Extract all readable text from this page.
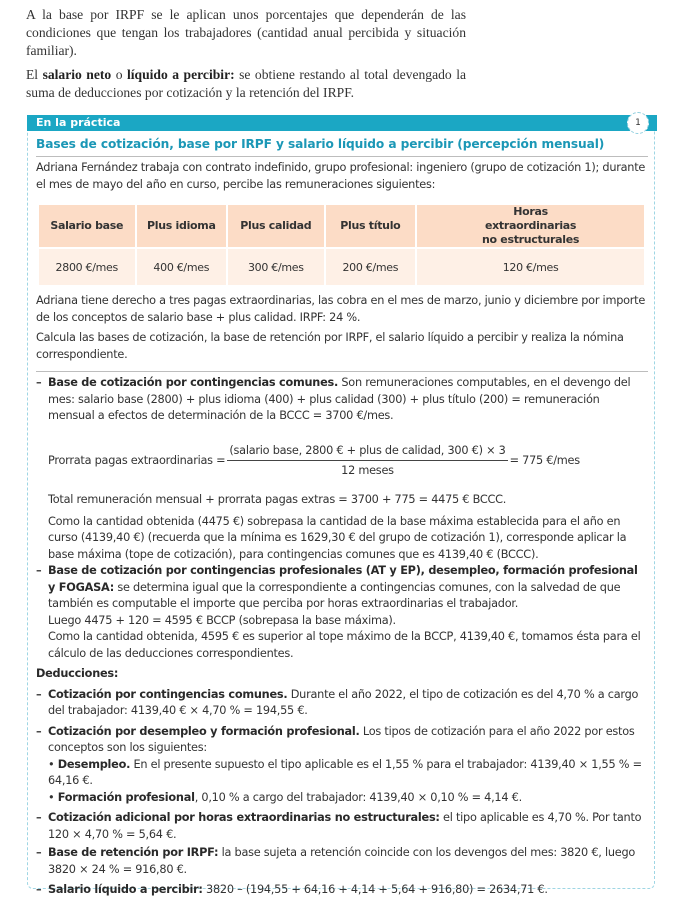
A la base por IRPF se le aplican unos porcentajes que dependerán de las condiciones que tengan los trabajadores (cantidad anual percibida y situación familiar).

El salario neto o líquido a percibir: se obtiene restando al total devengado la suma de deducciones por cotización y la retención del IRPF.

En la práctica	1
Bases de cotización, base por IRPF y salario líquido a percibir (percepción mensual)

Adriana Fernández trabaja con contrato indefinido, grupo profesional: ingeniero (grupo de cotización 1); durante el mes de mayo del año en curso, percibe las remuneraciones siguientes:

Salario base	Plus idioma	Plus calidad	Plus título	Horas extraordinarias no estructurales
2800 €/mes	400 €/mes	300 €/mes	200 €/mes	120 €/mes

Adriana tiene derecho a tres pagas extraordinarias, las cobra en el mes de marzo, junio y diciembre por importe de los conceptos de salario base + plus calidad. IRPF: 24 %.

Calcula las bases de cotización, la base de retención por IRPF, el salario líquido a percibir y realiza la nómina correspondiente.

– Base de cotización por contingencias comunes. Son remuneraciones computables, en el devengo del mes: salario base (2800) + plus idioma (400) + plus calidad (300) + plus título (200) = remuneración mensual a efectos de determinación de la BCCC = 3700 €/mes.

Prorrata pagas extraordinarias = $\frac{\text{(salario base, 2800 € + plus de calidad, 300 €) × 3}}{\text{12 meses}} = 775$ €/mes

Total remuneración mensual + prorrata pagas extras = 3700 + 775 = 4475 € BCCC.

Como la cantidad obtenida (4475 €) sobrepasa la cantidad de la base máxima establecida para el año en curso (4139,40 €) (recuerda que la mínima es 1629,30 € del grupo de cotización 1), corresponde aplicar la base máxima (tope de cotización), para contingencias comunes que es 4139,40 € (BCCC).

– Base de cotización por contingencias profesionales (AT y EP), desempleo, formación profesional y FOGASA: se determina igual que la correspondiente a contingencias comunes, con la salvedad de que también es computable el importe que perciba por horas extraordinarias el trabajador.
Luego 4475 + 120 = 4595 € BCCP (sobrepasa la base máxima).
Como la cantidad obtenida, 4595 € es superior al tope máximo de la BCCP, 4139,40 €, tomamos ésta para el cálculo de las deducciones correspondientes.

Deducciones:

– Cotización por contingencias comunes. Durante el año 2022, el tipo de cotización es del 4,70 % a cargo del trabajador: 4139,40 € × 4,70 % = 194,55 €.

– Cotización por desempleo y formación profesional. Los tipos de cotización para el año 2022 por estos conceptos son los siguientes:
• Desempleo. En el presente supuesto el tipo aplicable es el 1,55 % para el trabajador: 4139,40 × 1,55 % = 64,16 €.
• Formación profesional, 0,10 % a cargo del trabajador: 4139,40 × 0,10 % = 4,14 €.

– Cotización adicional por horas extraordinarias no estructurales: el tipo aplicable es 4,70 %. Por tanto 120 × 4,70 % = 5,64 €.

– Base de retención por IRPF: la base sujeta a retención coincide con los devengos del mes: 3820 €, luego 3820 × 24 % = 916,80 €.

– Salario líquido a percibir: 3820 – (194,55 + 64,16 + 4,14 + 5,64 + 916,80) = 2634,71 €.
